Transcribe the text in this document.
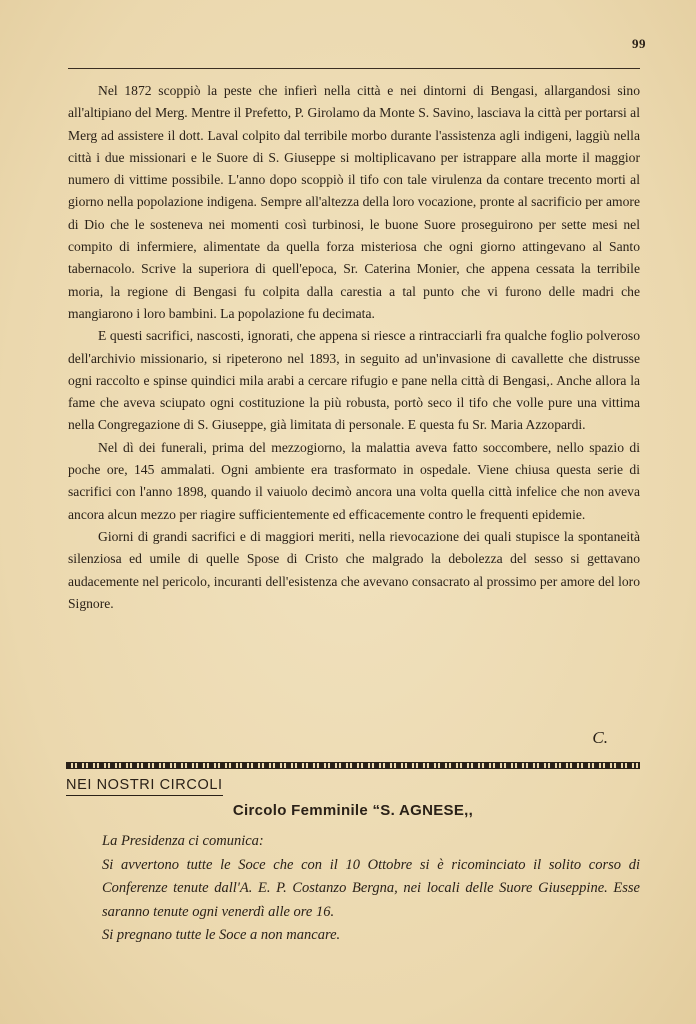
99

Nel 1872 scoppiò la peste che infierì nella città e nei dintorni di Bengasi, allargandosi sino all'altipiano del Merg. Mentre il Prefetto, P. Girolamo da Monte S. Savino, lasciava la città per portarsi al Merg ad assistere il dott. Laval colpito dal terribile morbo durante l'assistenza agli indigeni, laggiù nella città i due missionari e le Suore di S. Giuseppe si moltiplicavano per istrappare alla morte il maggior numero di vittime possibile. L'anno dopo scoppiò il tifo con tale virulenza da contare trecento morti al giorno nella popolazione indigena. Sempre all'altezza della loro vocazione, pronte al sacrificio per amore di Dio che le sosteneva nei momenti così turbinosi, le buone Suore proseguirono per sette mesi nel compito di infermiere, alimentate da quella forza misteriosa che ogni giorno attingevano al Santo tabernacolo. Scrive la superiora di quell'epoca, Sr. Caterina Monier, che appena cessata la terribile moria, la regione di Bengasi fu colpita dalla carestia a tal punto che vi furono delle madri che mangiarono i loro bambini. La popolazione fu decimata.

E questi sacrifici, nascosti, ignorati, che appena si riesce a rintracciarli fra qualche foglio polveroso dell'archivio missionario, si ripeterono nel 1893, in seguito ad un'invasione di cavallette che distrusse ogni raccolto e spinse quindici mila arabi a cercare rifugio e pane nella città di Bengasi,. Anche allora la fame che aveva sciupato ogni costituzione la più robusta, portò seco il tifo che volle pure una vittima nella Congregazione di S. Giuseppe, già limitata di personale. E questa fu Sr. Maria Azzopardi.

Nel dì dei funerali, prima del mezzogiorno, la malattia aveva fatto soccombere, nello spazio di poche ore, 145 ammalati. Ogni ambiente era trasformato in ospedale. Viene chiusa questa serie di sacrifici con l'anno 1898, quando il vaiuolo decimò ancora una volta quella città infelice che non aveva ancora alcun mezzo per riagire sufficientemente ed efficacemente contro le frequenti epidemie.

Giorni di grandi sacrifici e di maggiori meriti, nella rievocazione dei quali stupisce la spontaneità silenziosa ed umile di quelle Spose di Cristo che malgrado la debolezza del sesso si gettavano audacemente nel pericolo, incuranti dell'esistenza che avevano consacrato al prossimo per amore del loro Signore.

C.
NEI NOSTRI CIRCOLI
Circolo Femminile “S. AGNESE,,

La Presidenza ci comunica:

Si avvertono tutte le Soce che con il 10 Ottobre si è ricominciato il solito corso di Conferenze tenute dall'A. E. P. Costanzo Bergna, nei locali delle Suore Giuseppine. Esse saranno tenute ogni venerdì alle ore 16.

Si pregnano tutte le Soce a non mancare.
